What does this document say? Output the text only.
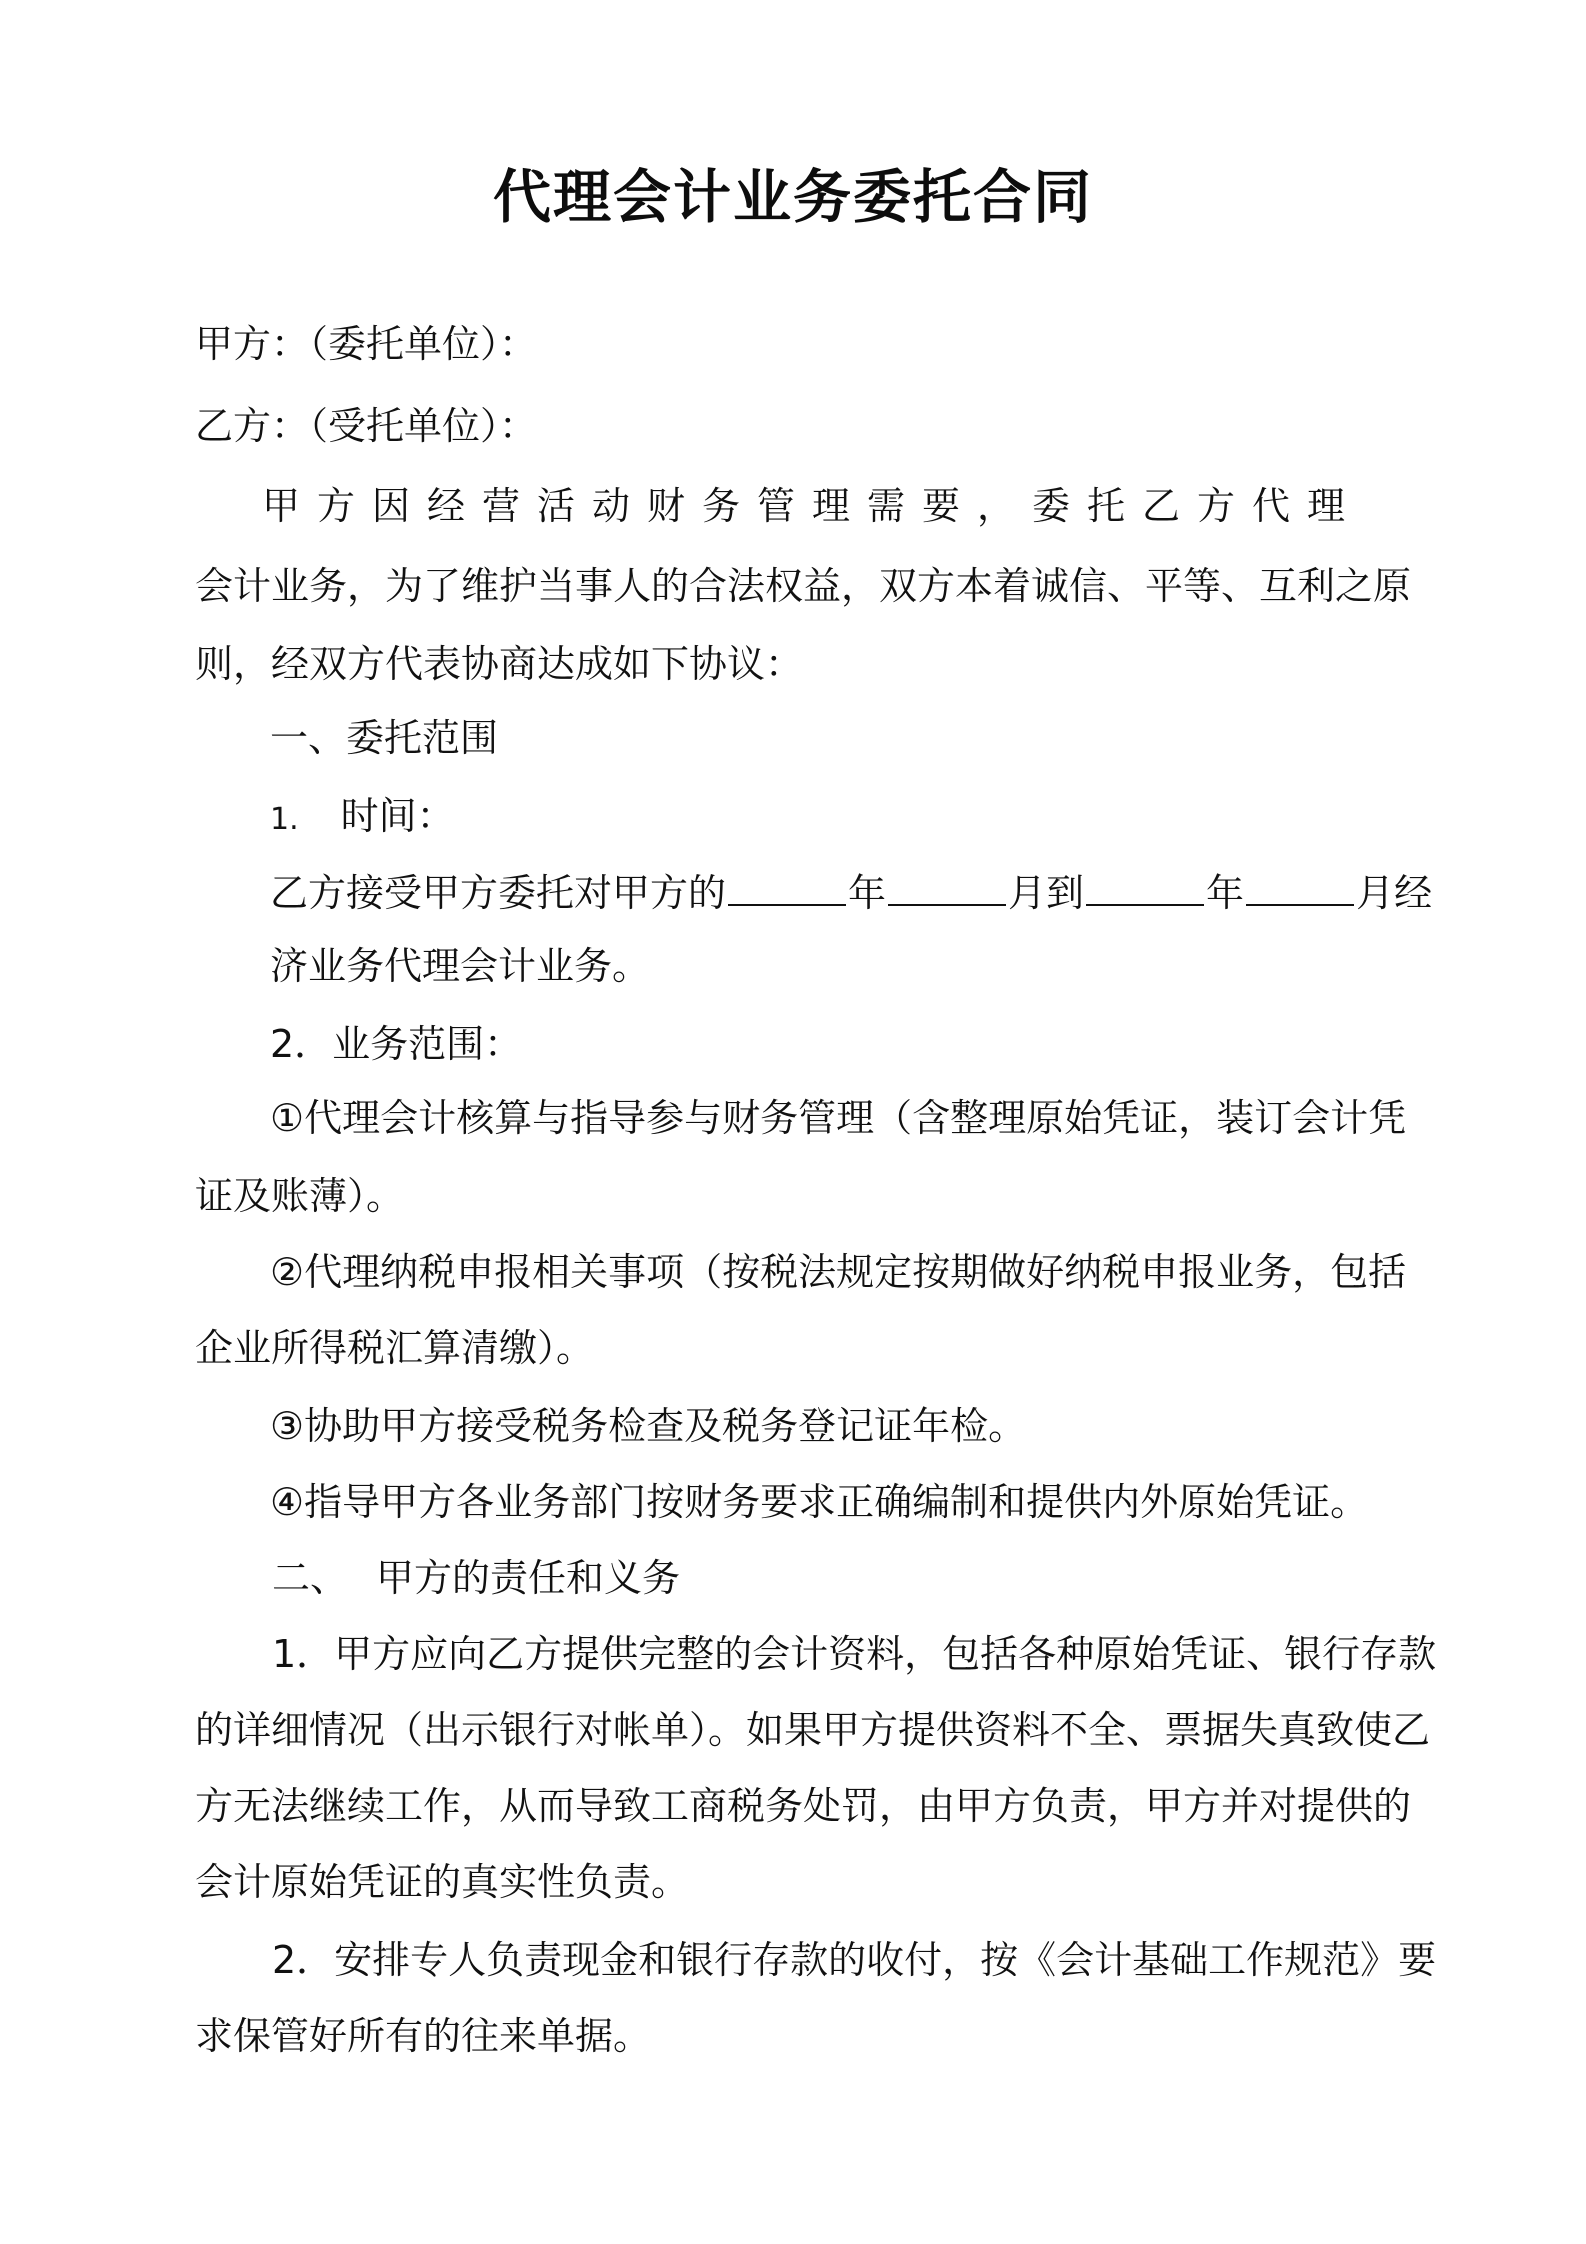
代理会计业务委托合同
甲方：（委托单位）：
乙方：（受托单位）：
甲方因经营活动财务管理需要，委托乙方代理
会计业务，为了维护当事人的合法权益，双方本着诚信、平等、互利之原
则，经双方代表协商达成如下协议：
一、委托范围
1. 时间：
乙方接受甲方委托对甲方的	年	月到	年	月经
济业务代理会计业务。
2．业务范围：
①代理会计核算与指导参与财务管理（含整理原始凭证，装订会计凭
证及账薄）。
②代理纳税申报相关事项（按税法规定按期做好纳税申报业务，包括
企业所得税汇算清缴）。
③协助甲方接受税务检查及税务登记证年检。
④指导甲方各业务部门按财务要求正确编制和提供内外原始凭证。
二、 甲方的责任和义务
1．甲方应向乙方提供完整的会计资料，包括各种原始凭证、银行存款
的详细情况（出示银行对帐单）。如果甲方提供资料不全、票据失真致使乙
方无法继续工作，从而导致工商税务处罚，由甲方负责，甲方并对提供的
会计原始凭证的真实性负责。
2．安排专人负责现金和银行存款的收付，按《会计基础工作规范》要
求保管好所有的往来单据。
